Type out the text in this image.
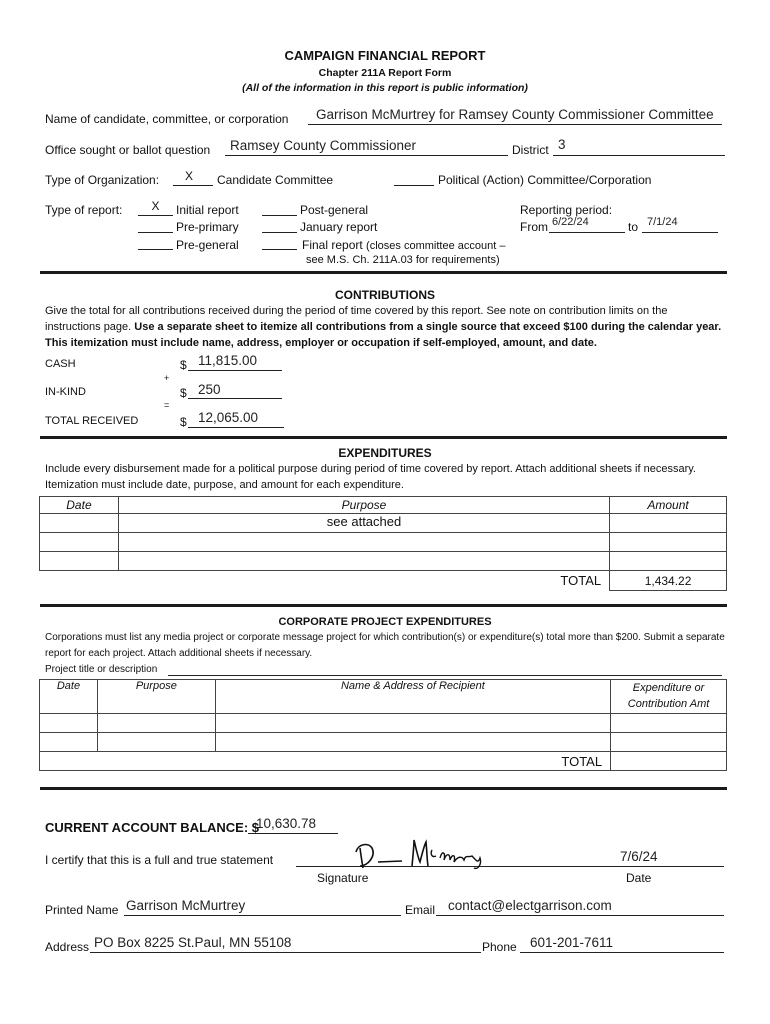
CAMPAIGN FINANCIAL REPORT
Chapter 211A Report Form
(All of the information in this report is public information)
Name of candidate, committee, or corporation Garrison McMurtrey for Ramsey County Commissioner Committee
Office sought or ballot question Ramsey County Commissioner	District 3
Type of Organization:	X	Candidate Committee	Political (Action) Committee/Corporation
Type of report:	X	Initial report
Pre-primary
Pre-general
Post-general
January report
Final report (closes committee account –
see M.S. Ch. 211A.03 for requirements)
Reporting period:
From 6/22/24	to 7/1/24
CONTRIBUTIONS
Give the total for all contributions received during the period of time covered by this report. See note on contribution limits on the instructions page. Use a separate sheet to itemize all contributions from a single source that exceed $100 during the calendar year. This itemization must include name, address, employer or occupation if self-employed, amount, and date.
CASH	$ 11,815.00
+
IN-KIND	$ 250
=
TOTAL RECEIVED	$ 12,065.00
EXPENDITURES
Include every disbursement made for a political purpose during period of time covered by report. Attach additional sheets if necessary. Itemization must include date, purpose, and amount for each expenditure.
Date	Purpose	Amount
	see attached	

	TOTAL	1,434.22
CORPORATE PROJECT EXPENDITURES
Corporations must list any media project or corporate message project for which contribution(s) or expenditure(s) total more than $200. Submit a separate report for each project. Attach additional sheets if necessary.
Project title or description
Date	Purpose	Name & Address of Recipient	Expenditure or
Contribution Amt

		TOTAL	
CURRENT ACCOUNT BALANCE: $
10,630.78
I certify that this is a full and true statement	7/6/24
Signature	Date
Printed Name Garrison McMurtrey	Email contact@electgarrison.com
Address PO Box 8225 St.Paul, MN 55108	Phone 601-201-7611
